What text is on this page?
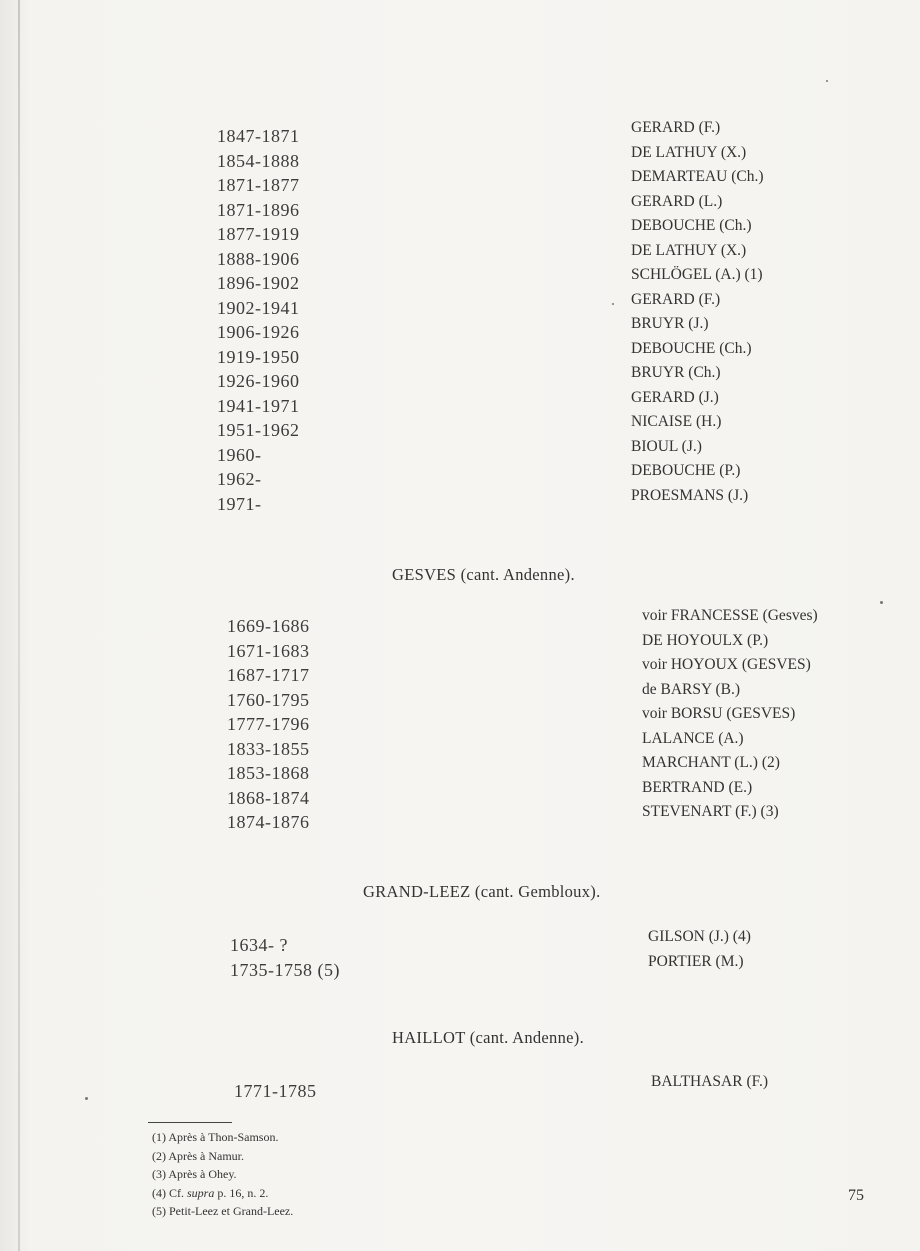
1847-1871
1854-1888
1871-1877
1871-1896
1877-1919
1888-1906
1896-1902
1902-1941
1906-1926
1919-1950
1926-1960
1941-1971
1951-1962
1960-
1962-
1971-
GERARD (F.)
DE LATHUY (X.)
DEMARTEAU (Ch.)
GERARD (L.)
DEBOUCHE (Ch.)
DE LATHUY (X.)
SCHLÖGEL (A.) (1)
GERARD (F.)
BRUYR (J.)
DEBOUCHE (Ch.)
BRUYR (Ch.)
GERARD (J.)
NICAISE (H.)
BIOUL (J.)
DEBOUCHE (P.)
PROESMANS (J.)
GESVES (cant. Andenne).
1669-1686
1671-1683
1687-1717
1760-1795
1777-1796
1833-1855
1853-1868
1868-1874
1874-1876
voir FRANCESSE (Gesves)
DE HOYOULX (P.)
voir HOYOUX (GESVES)
de BARSY (B.)
voir BORSU (GESVES)
LALANCE (A.)
MARCHANT (L.) (2)
BERTRAND (E.)
STEVENART (F.) (3)
GRAND-LEEZ (cant. Gembloux).
1634- ?
1735-1758 (5)
GILSON (J.) (4)
PORTIER (M.)
HAILLOT (cant. Andenne).
1771-1785	BALTHASAR (F.)
(1) Après à Thon-Samson.
(2) Après à Namur.
(3) Après à Ohey.
(4) Cf. supra p. 16, n. 2.
(5) Petit-Leez et Grand-Leez.
75
